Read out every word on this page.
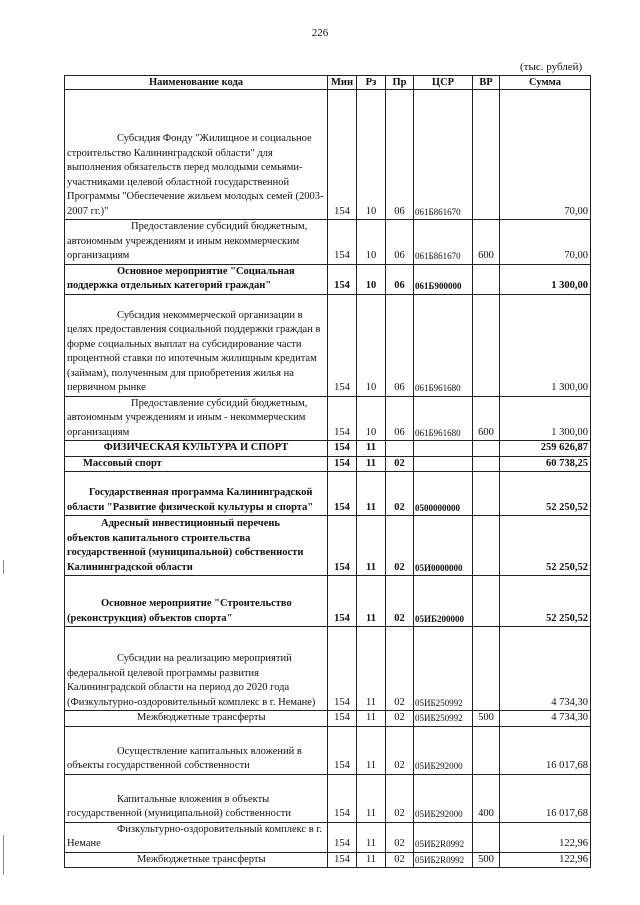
226
(тыс. рублей)
Наименование кода	Мин	Рз	Пр	ЦСР	ВР	Сумма
Субсидия Фонду "Жилищное и социальное строительство Калининградской области" для выполнения обязательств перед молодыми семьями-участниками целевой областной государственной Программы "Обеспечение жильем молодых семей (2003-2007 гг.)"	154	10	06	061Б861670		70,00
Предоставление субсидий бюджетным, автономным учреждениям и иным некоммерческим организациям	154	10	06	061Б861670	600	70,00
Основное мероприятие "Социальная поддержка отдельных категорий граждан"	154	10	06	061Б900000		1 300,00
Субсидия некоммерческой организации в целях предоставления социальной поддержки граждан в форме социальных выплат на субсидирование части процентной ставки по ипотечным жилищным кредитам (займам), полученным для приобретения жилья на первичном рынке	154	10	06	061Б961680		1 300,00
Предоставление субсидий бюджетным, автономным учреждениям и иным - некоммерческим организациям	154	10	06	061Б961680	600	1 300,00
ФИЗИЧЕСКАЯ КУЛЬТУРА И СПОРТ	154	11				259 626,87
Массовый спорт	154	11	02			60 738,25
Государственная программа Калининградской области "Развитие физической культуры и спорта"	154	11	02	0500000000		52 250,52
Адресный инвестиционный перечень объектов капитального строительства государственной (муниципальной) собственности Калининградской области	154	11	02	05И0000000		52 250,52
Основное мероприятие "Строительство (реконструкция) объектов спорта"	154	11	02	05ИБ200000		52 250,52
Субсидии на реализацию мероприятий федеральной целевой программы развития Калининградской области на период до 2020 года (Физкультурно-оздоровительный комплекс в г. Немане)	154	11	02	05ИБ250992		4 734,30
Межбюджетные трансферты	154	11	02	05ИБ250992	500	4 734,30
Осуществление капитальных вложений в объекты государственной собственности	154	11	02	05ИБ292000		16 017,68
Капитальные вложения в объекты государственной (муниципальной) собственности	154	11	02	05ИБ292000	400	16 017,68
Физкультурно-оздоровительный комплекс в г. Немане	154	11	02	05ИБ2R0992		122,96
Межбюджетные трансферты	154	11	02	05ИБ2R0992	500	122,96
